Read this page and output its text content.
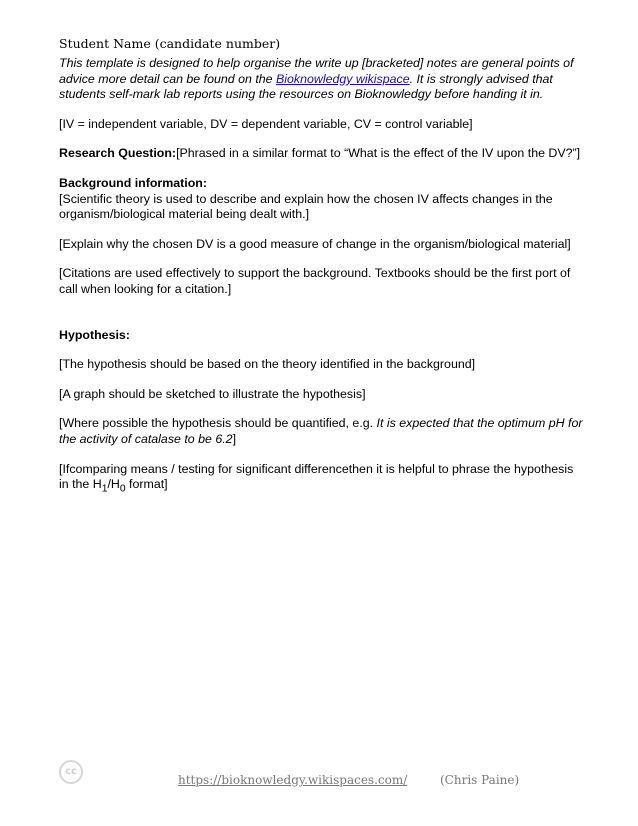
Student Name (candidate number)

This template is designed to help organise the write up [bracketed] notes are general points of advice more detail can be found on the Bioknowledgy wikispace. It is strongly advised that students self-mark lab reports using the resources on Bioknowledgy before handing it in.

[IV = independent variable, DV = dependent variable, CV = control variable]

Research Question:[Phrased in a similar format to “What is the effect of the IV upon the DV?”]

Background information:
[Scientific theory is used to describe and explain how the chosen IV affects changes in the organism/biological material being dealt with.]

[Explain why the chosen DV is a good measure of change in the organism/biological material]

[Citations are used effectively to support the background. Textbooks should be the first port of call when looking for a citation.]

Hypothesis:

[The hypothesis should be based on the theory identified in the background]

[A graph should be sketched to illustrate the hypothesis]

[Where possible the hypothesis should be quantified, e.g. It is expected that the optimum pH for the activity of catalase to be 6.2]

[Ifcomparing means / testing for significant differencethen it is helpful to phrase the hypothesis in the $H_1/H_0$ format]

cc
https://bioknowledgy.wikispaces.com/	(Chris Paine)
